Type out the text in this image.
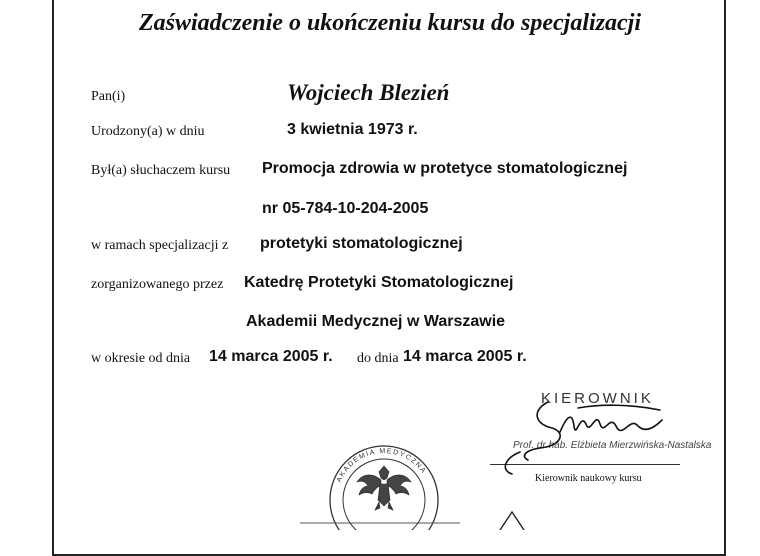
Zaświadczenie o ukończeniu kursu do specjalizacji
Pan(i)	Wojciech Blezień
Urodzony(a) w dniu	3 kwietnia 1973 r.
Był(a) słuchaczem kursu Promocja zdrowia w protetyce stomatologicznej
nr 05-784-10-204-2005
w ramach specjalizacji z protetyki stomatologicznej
zorganizowanego przez Katedrę Protetyki Stomatologicznej
Akademii Medycznej w Warszawie
w okresie od dnia 14 marca 2005 r. do dnia 14 marca 2005 r.
KIEROWNIK
Prof. dr hab. Elżbieta Mierzwińska-Nastalska
Kierownik naukowy kursu
AKADEMIA MEDYCZNA
